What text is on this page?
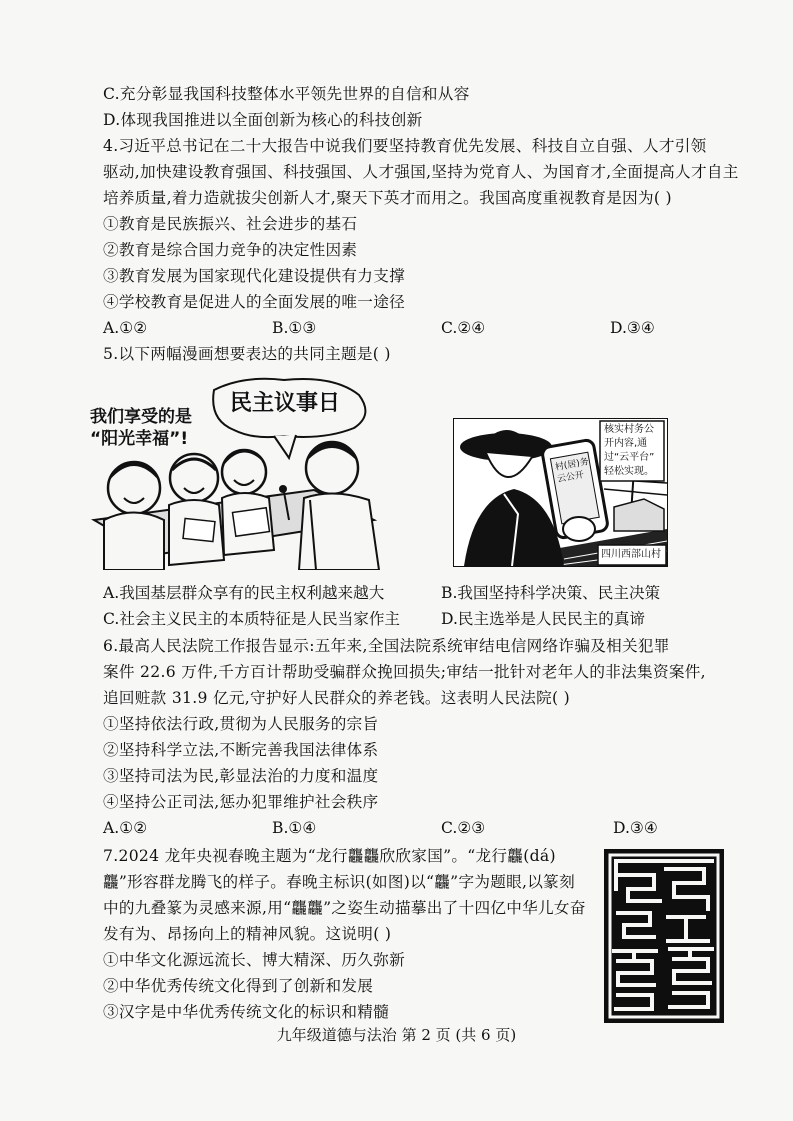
C.充分彰显我国科技整体水平领先世界的自信和从容
D.体现我国推进以全面创新为核心的科技创新
4.习近平总书记在二十大报告中说我们要坚持教育优先发展、科技自立自强、人才引领
驱动,加快建设教育强国、科技强国、人才强国,坚持为党育人、为国育才,全面提高人才自主
培养质量,着力造就拔尖创新人才,聚天下英才而用之。我国高度重视教育是因为( )
①教育是民族振兴、社会进步的基石
②教育是综合国力竞争的决定性因素
③教育发展为国家现代化建设提供有力支撑
④学校教育是促进人的全面发展的唯一途径
A.①②	B.①③	C.②④	D.③④
5.以下两幅漫画想要表达的共同主题是( )
我们享受的是
“阳光幸福”!
民主议事日
核实村务公
开内容,通
过“云平台”
轻松实现。
村(居)务
云公开
四川西部山村
A.我国基层群众享有的民主权利越来越大	B.我国坚持科学决策、民主决策
C.社会主义民主的本质特征是人民当家作主	D.民主选举是人民民主的真谛
6.最高人民法院工作报告显示:五年来,全国法院系统审结电信网络诈骗及相关犯罪
案件 22.6 万件,千方百计帮助受骗群众挽回损失;审结一批针对老年人的非法集资案件,
追回赃款 31.9 亿元,守护好人民群众的养老钱。这表明人民法院( )
①坚持依法行政,贯彻为人民服务的宗旨
②坚持科学立法,不断完善我国法律体系
③坚持司法为民,彰显法治的力度和温度
④坚持公正司法,惩办犯罪维护社会秩序
A.①②	B.①④	C.②③	D.③④
7.2024 龙年央视春晚主题为“龙行龘龘欣欣家国”。“龙行龘(dá)
龘”形容群龙腾飞的样子。春晚主标识(如图)以“龘”字为题眼,以篆刻
中的九叠篆为灵感来源,用“龘龘”之姿生动描摹出了十四亿中华儿女奋
发有为、昂扬向上的精神风貌。这说明( )
①中华文化源远流长、博大精深、历久弥新
②中华优秀传统文化得到了创新和发展
③汉字是中华优秀传统文化的标识和精髓
九年级道德与法治 第 2 页 (共 6 页)
